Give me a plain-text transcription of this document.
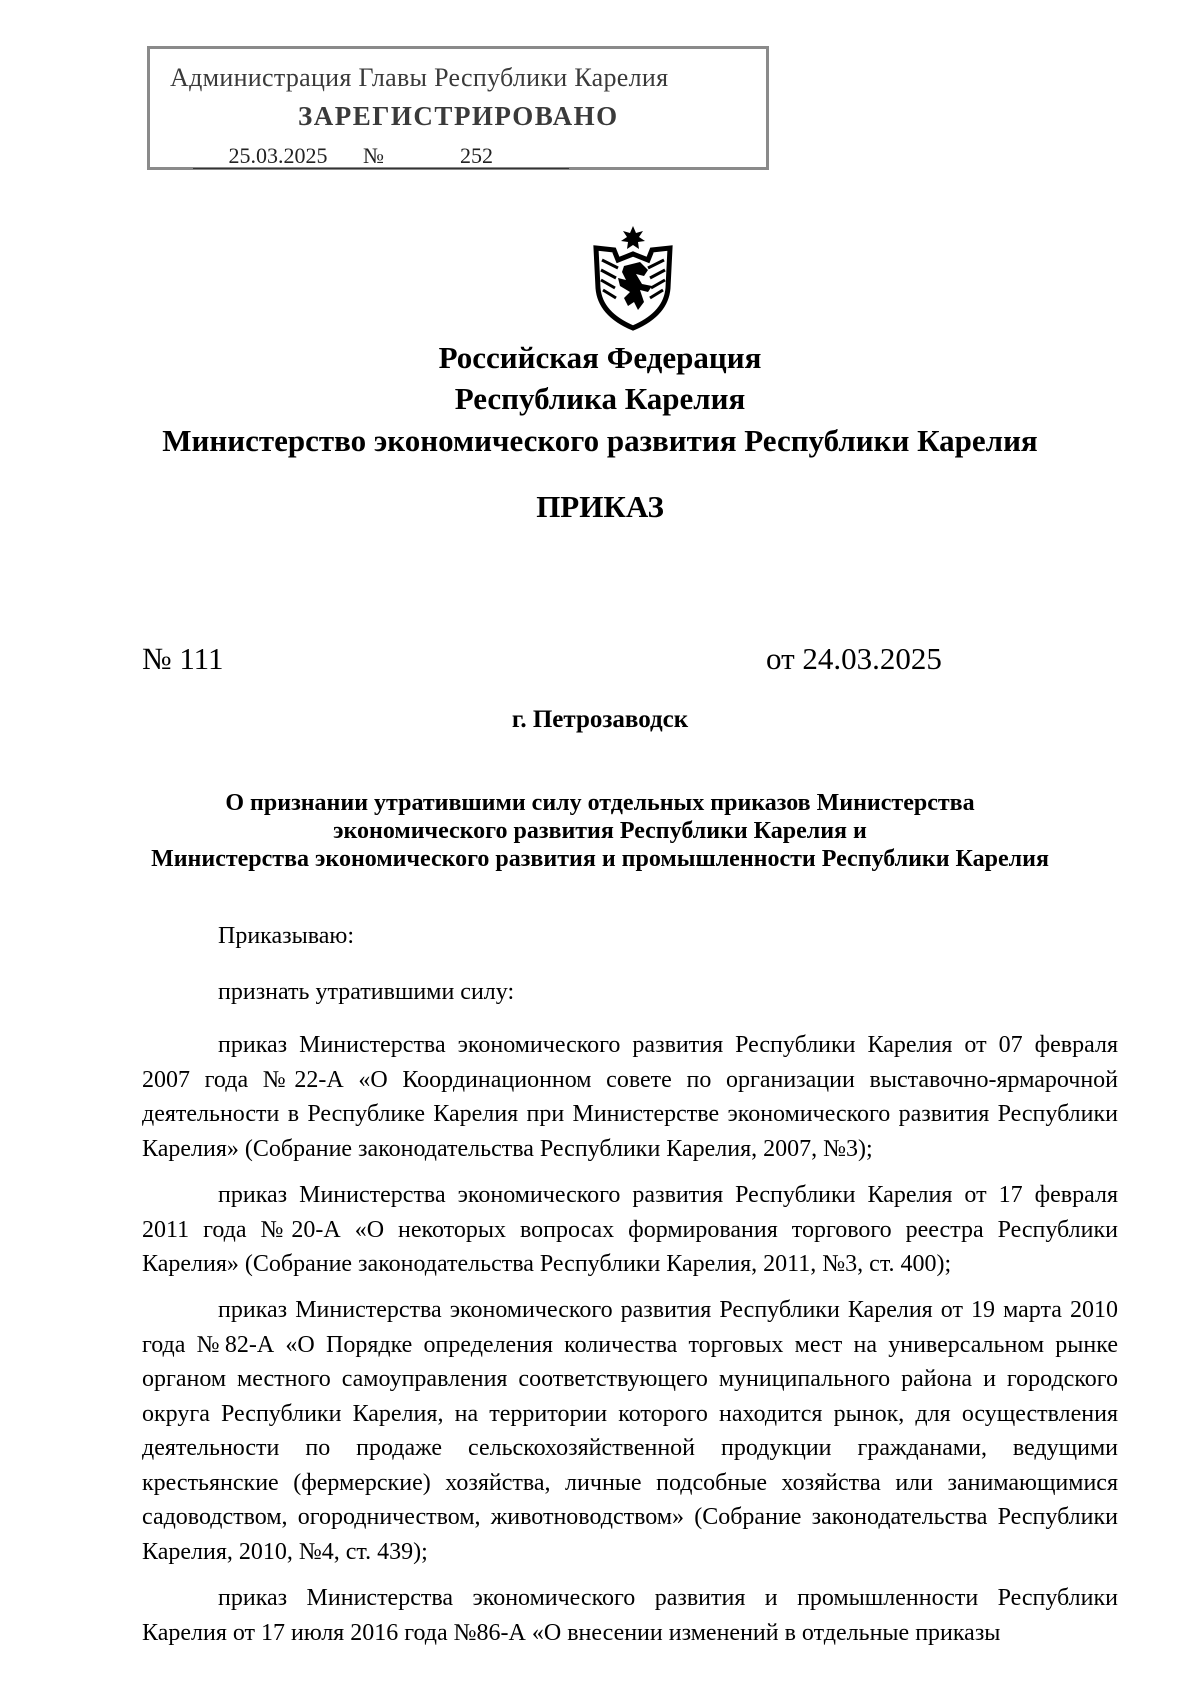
Администрация Главы Республики Карелия
ЗАРЕГИСТРИРОВАНО
25.03.2025 №	252
Российская Федерация
Республика Карелия
Министерство экономического развития Республики Карелия
ПРИКАЗ
№ 111	от 24.03.2025
г. Петрозаводск
О признании утратившими силу отдельных приказов Министерства
экономического развития Республики Карелия и
Министерства экономического развития и промышленности Республики Карелия
Приказываю:
признать утратившими силу:
приказ Министерства экономического развития Республики Карелия от 07 февраля 2007 года №22-А «О Координационном совете по организации выставочно-ярмарочной деятельности в Республике Карелия при Министерстве экономического развития Республики Карелия» (Собрание законодательства Республики Карелия, 2007, №3);
приказ Министерства экономического развития Республики Карелия от 17 февраля 2011 года №20-А «О некоторых вопросах формирования торгового реестра Республики Карелия» (Собрание законодательства Республики Карелия, 2011, №3, ст. 400);
приказ Министерства экономического развития Республики Карелия от 19 марта 2010 года №82-А «О Порядке определения количества торговых мест на универсальном рынке органом местного самоуправления соответствующего муниципального района и городского округа Республики Карелия, на территории которого находится рынок, для осуществления деятельности по продаже сельскохозяйственной продукции гражданами, ведущими крестьянские (фермерские) хозяйства, личные подсобные хозяйства или занимающимися садоводством, огородничеством, животноводством» (Собрание законодательства Республики Карелия, 2010, №4, ст. 439);
приказ Министерства экономического развития и промышленности Республики Карелия от 17 июля 2016 года №86-А «О внесении изменений в отдельные приказы
